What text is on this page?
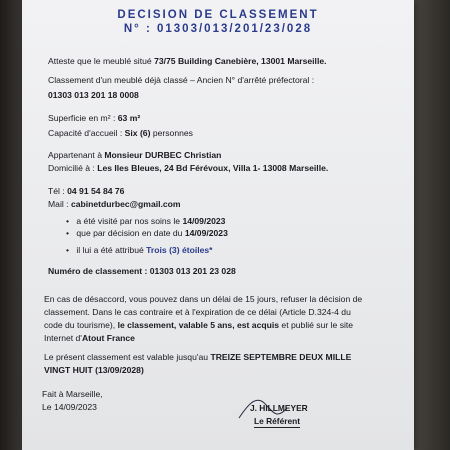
DECISION DE CLASSEMENT
N° : 01303/013/201/23/028
Atteste que le meublé situé 73/75 Building Canebière, 13001 Marseille.
Classement d'un meublé déjà classé – Ancien N° d'arrêté préfectoral :
01303 013 201 18 0008
Superficie en m² : 63 m²
Capacité d'accueil : Six (6) personnes
Appartenant à Monsieur DURBEC Christian
Domicilié à : Les Iles Bleues, 24 Bd Férévoux, Villa 1- 13008 Marseille.
Tél : 04 91 54 84 76
Mail : cabinetdurbec@gmail.com
• a été visité par nos soins le 14/09/2023
• que par décision en date du 14/09/2023
• il lui a été attribué Trois (3) étoiles*
Numéro de classement : 01303 013 201 23 028
En cas de désaccord, vous pouvez dans un délai de 15 jours, refuser la décision de
classement. Dans le cas contraire et à l'expiration de ce délai (Article D.324-4 du
code du tourisme), le classement, valable 5 ans, est acquis et publié sur le site
Internet d'Atout France
Le présent classement est valable jusqu'au TREIZE SEPTEMBRE DEUX MILLE
VINGT HUIT (13/09/2028)
Fait à Marseille,
Le 14/09/2023	J. HILLMEYER
Le Référent
